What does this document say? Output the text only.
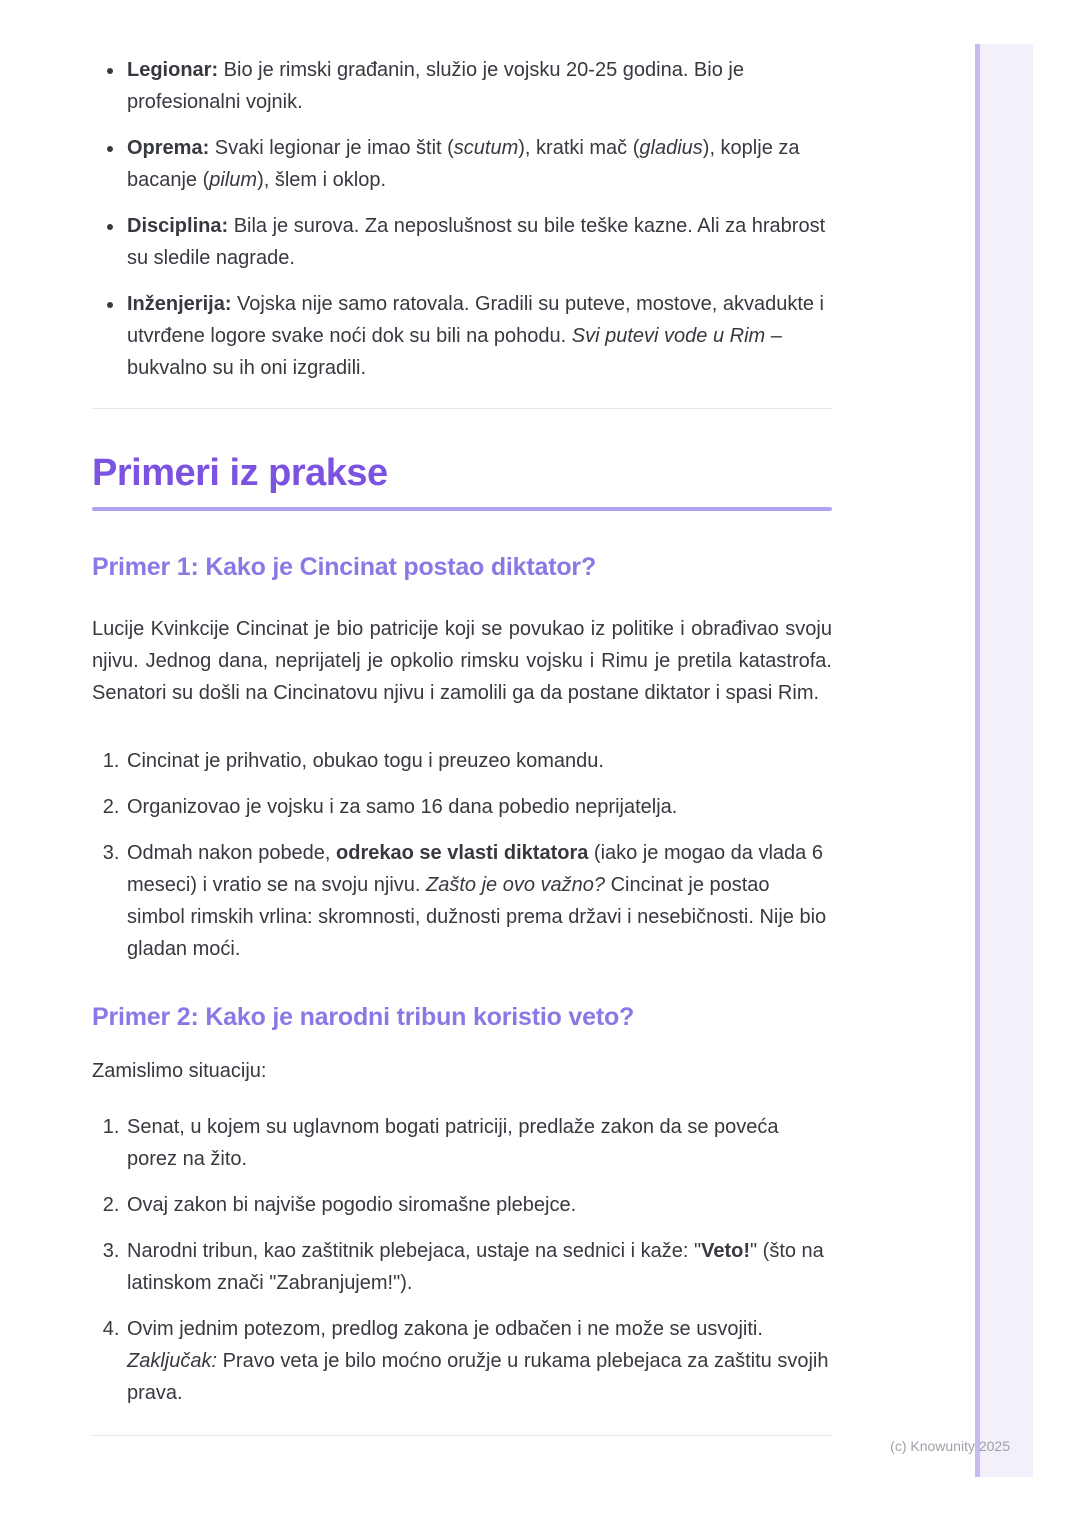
• Legionar: Bio je rimski građanin, služio je vojsku 20-25 godina. Bio je profesionalni vojnik.
• Oprema: Svaki legionar je imao štit (scutum), kratki mač (gladius), koplje za bacanje (pilum), šlem i oklop.
• Disciplina: Bila je surova. Za neposlušnost su bile teške kazne. Ali za hrabrost su sledile nagrade.
• Inženjerija: Vojska nije samo ratovala. Gradili su puteve, mostove, akvadukte i utvrđene logore svake noći dok su bili na pohodu. Svi putevi vode u Rim – bukvalno su ih oni izgradili.
Primeri iz prakse
Primer 1: Kako je Cincinat postao diktator?

Lucije Kvinkcije Cincinat je bio patricije koji se povukao iz politike i obrađivao svoju njivu. Jednog dana, neprijatelj je opkolio rimsku vojsku i Rimu je pretila katastrofa. Senatori su došli na Cincinatovu njivu i zamolili ga da postane diktator i spasi Rim.

1. Cincinat je prihvatio, obukao togu i preuzeo komandu.
2. Organizovao je vojsku i za samo 16 dana pobedio neprijatelja.
3. Odmah nakon pobede, odrekao se vlasti diktatora (iako je mogao da vlada 6 meseci) i vratio se na svoju njivu. Zašto je ovo važno? Cincinat je postao simbol rimskih vrlina: skromnosti, dužnosti prema državi i nesebičnosti. Nije bio gladan moći.
Primer 2: Kako je narodni tribun koristio veto?

Zamislimo situaciju:

1. Senat, u kojem su uglavnom bogati patriciji, predlaže zakon da se poveća porez na žito.
2. Ovaj zakon bi najviše pogodio siromašne plebejce.
3. Narodni tribun, kao zaštitnik plebejaca, ustaje na sednici i kaže: "Veto!" (što na latinskom znači "Zabranjujem!").
4. Ovim jednim potezom, predlog zakona je odbačen i ne može se usvojiti. Zaključak: Pravo veta je bilo moćno oružje u rukama plebejaca za zaštitu svojih prava.
(c) Knowunity 2025
